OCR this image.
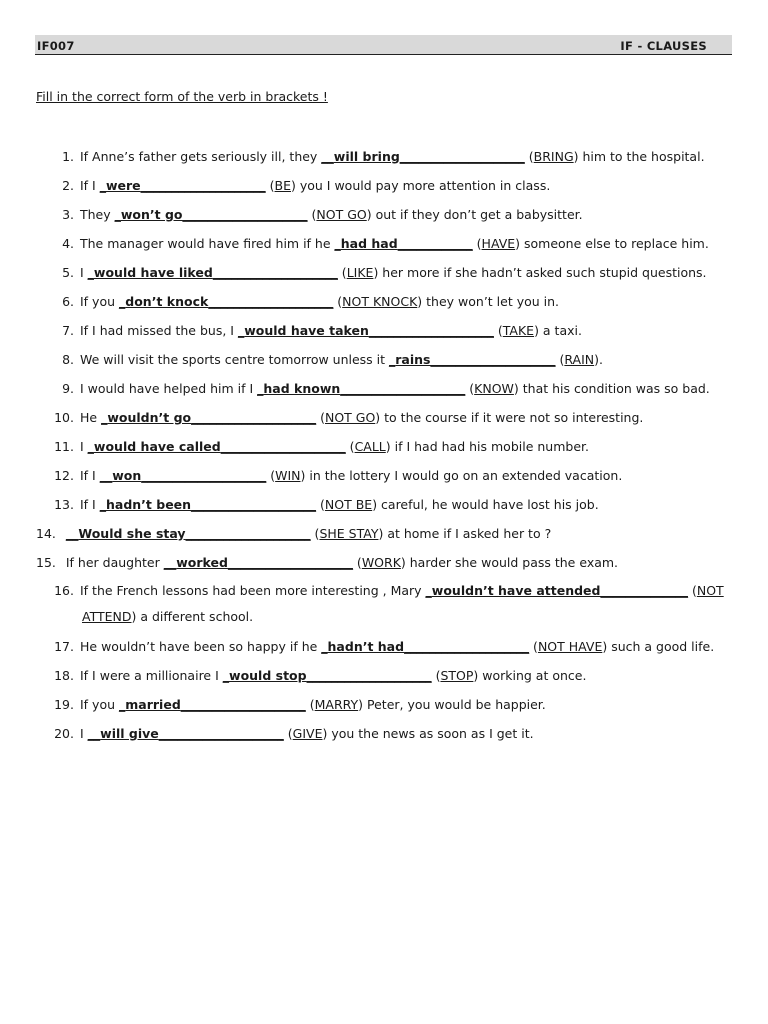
IF007	IF - CLAUSES
Fill in the correct form of the verb in brackets !
1. If Anne’s father gets seriously ill, they __will bring____________________ (BRING) him to the hospital.
2. If I _were____________________ (BE) you I would pay more attention in class.
3. They _won’t go____________________ (NOT GO) out if they don’t get a babysitter.
4. The manager would have fired him if he _had had____________ (HAVE) someone else to replace him.
5. I _would have liked____________________ (LIKE) her more if she hadn’t asked such stupid questions.
6. If you _don’t knock____________________ (NOT KNOCK) they won’t let you in.
7. If I had missed the bus, I _would have taken____________________ (TAKE) a taxi.
8. We will visit the sports centre tomorrow unless it _rains____________________ (RAIN).
9. I would have helped him if I _had known____________________ (KNOW) that his condition was so bad.
10. He _wouldn’t go____________________ (NOT GO) to the course if it were not so interesting.
11. I _would have called____________________ (CALL) if I had had his mobile number.
12. If I __won____________________ (WIN) in the lottery I would go on an extended vacation.
13. If I _hadn’t been____________________ (NOT BE) careful, he would have lost his job.
14. __Would she stay____________________ (SHE STAY) at home if I asked her to ?
15. If her daughter __worked____________________ (WORK) harder she would pass the exam.
16. If the French lessons had been more interesting , Mary _wouldn’t have attended______________ (NOT
ATTEND) a different school.
17. He wouldn’t have been so happy if he _hadn’t had____________________ (NOT HAVE) such a good life.
18. If I were a millionaire I _would stop____________________ (STOP) working at once.
19. If you _married____________________ (MARRY) Peter, you would be happier.
20. I __will give____________________ (GIVE) you the news as soon as I get it.
